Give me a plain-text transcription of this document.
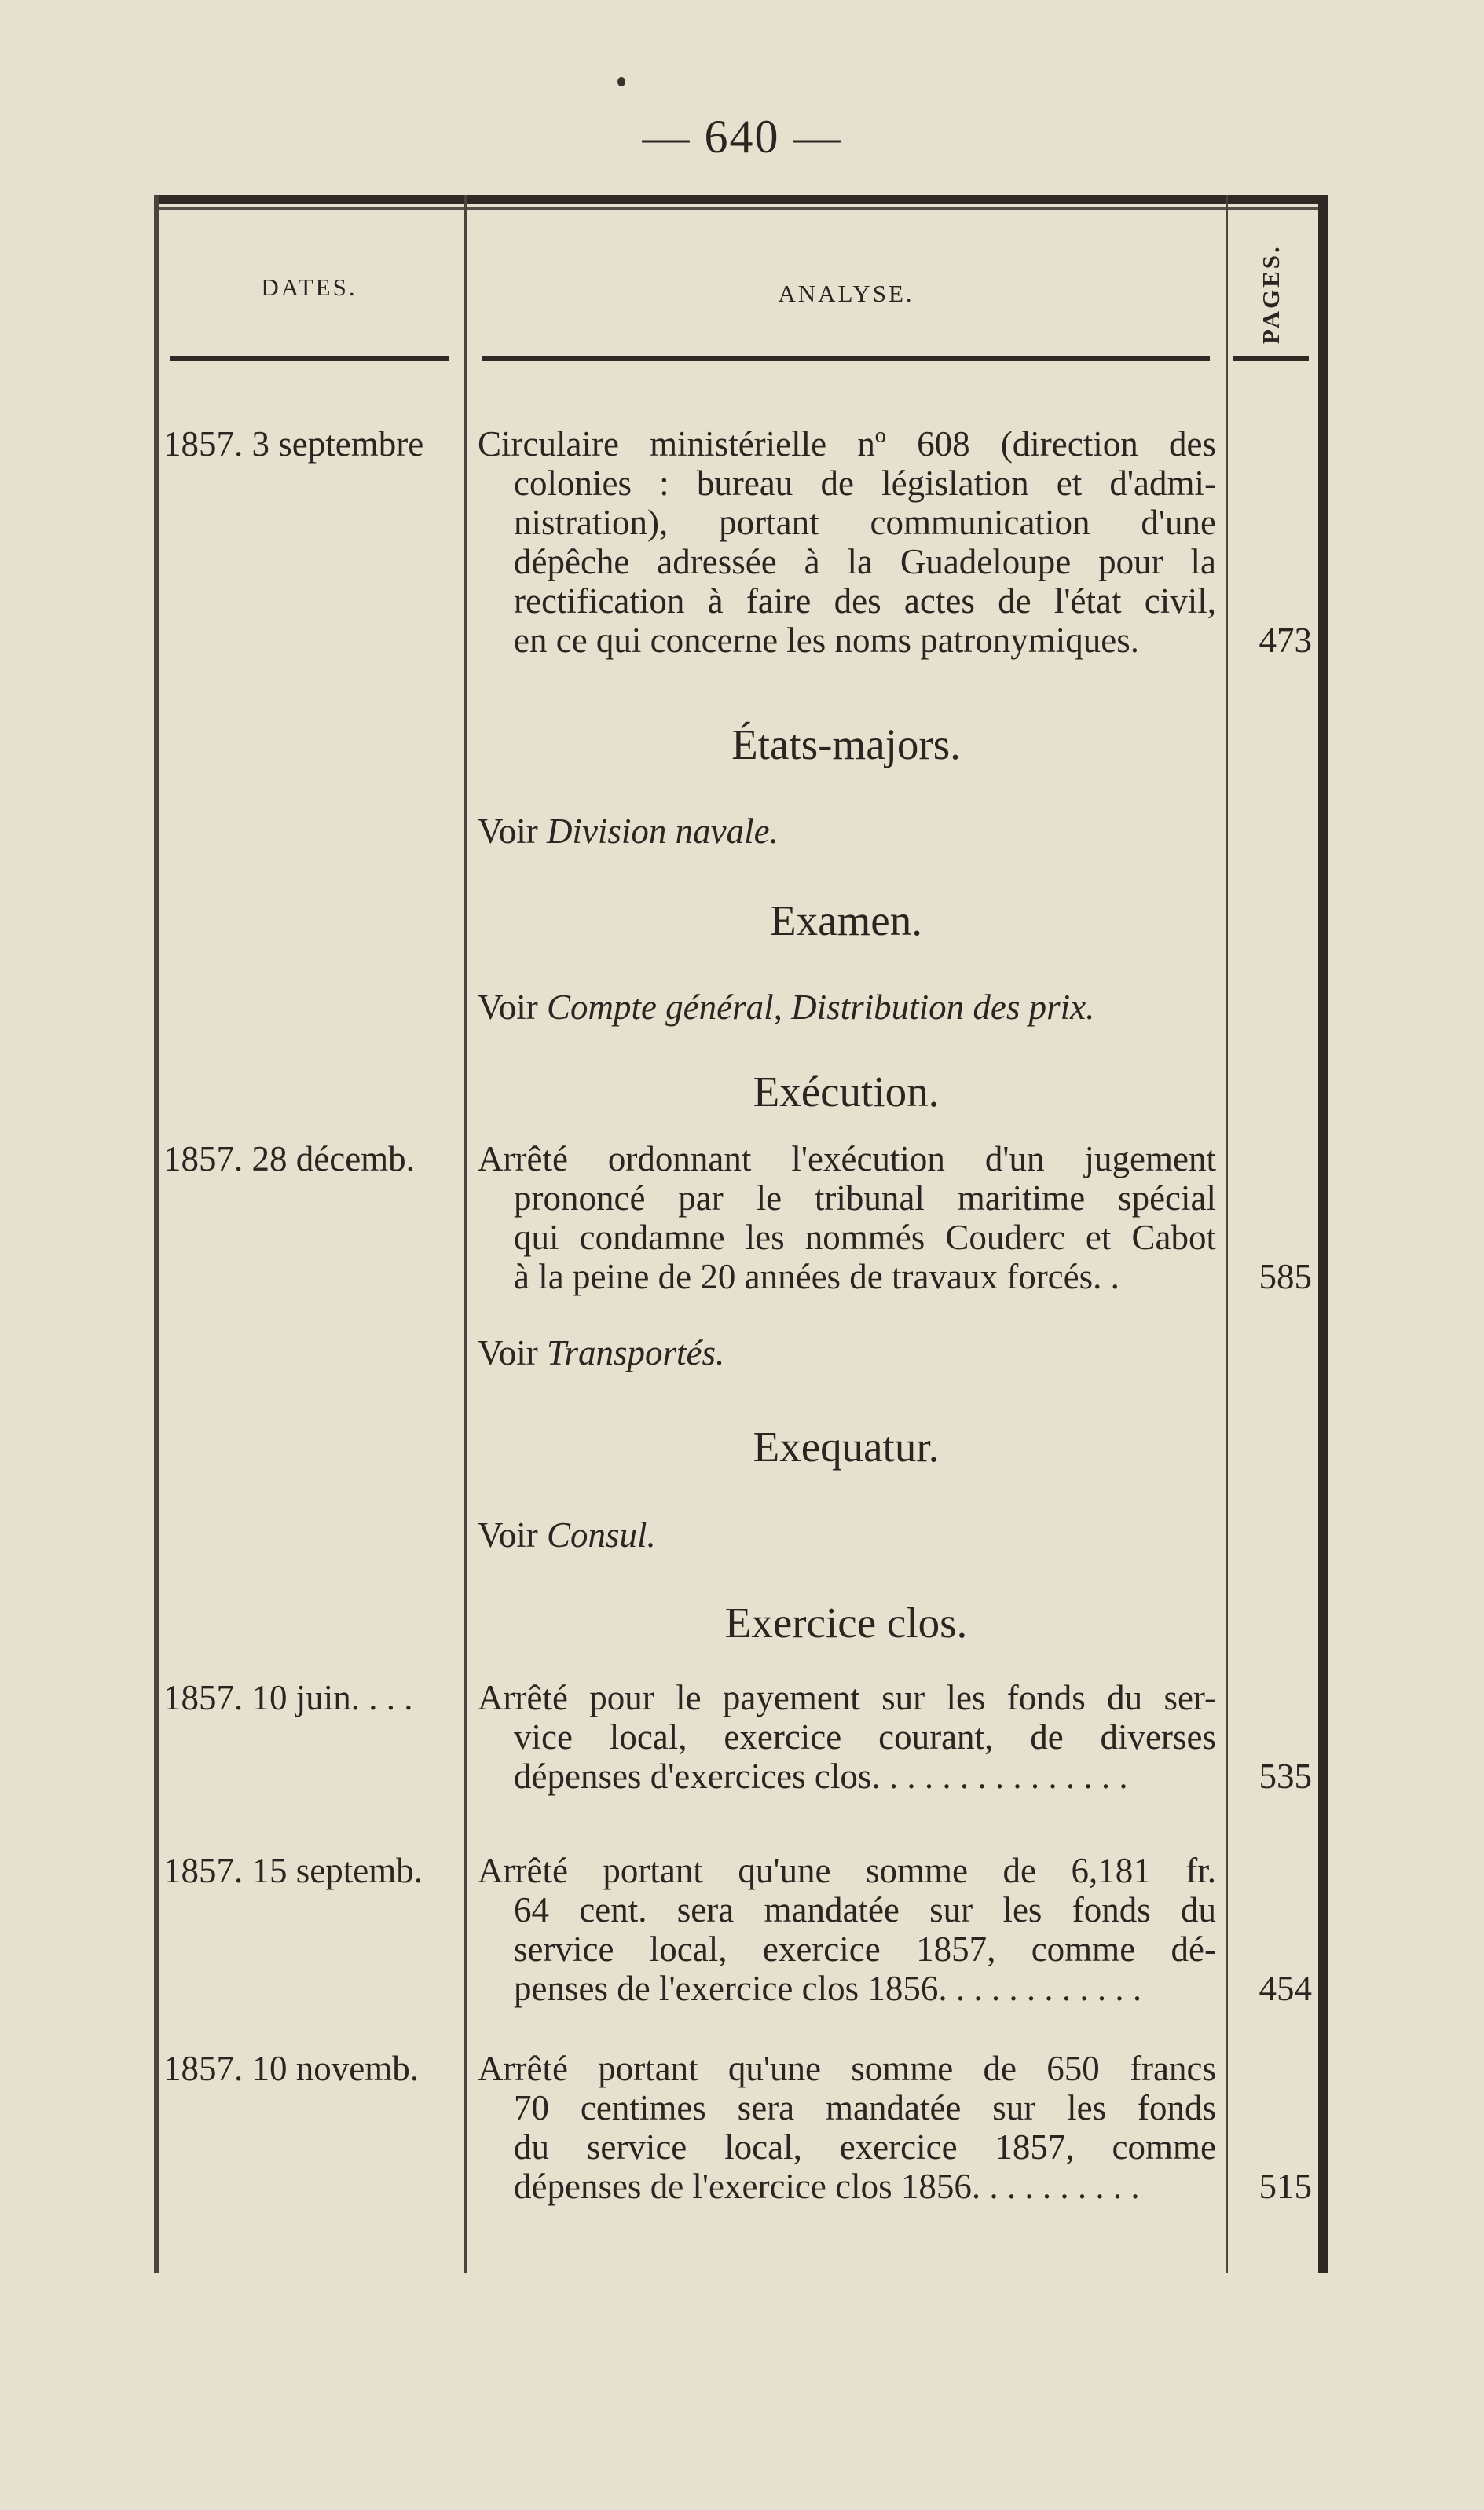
— 640 —
DATES.	ANALYSE.	PAGES.
1857. 3 septembre	Circulaire ministérielle nº 608 (direction des
colonies : bureau de législation et d'admi-
nistration), portant communication d'une
dépêche adressée à la Guadeloupe pour la
rectification à faire des actes de l'état civil,
en ce qui concerne les noms patronymiques.	473
États-majors.
Voir Division navale.
Examen.
Voir Compte général, Distribution des prix.
Exécution.
1857. 28 décemb.	Arrêté ordonnant l'exécution d'un jugement
prononcé par le tribunal maritime spécial
qui condamne les nommés Couderc et Cabot
à la peine de 20 années de travaux forcés. .	585
Voir Transportés.
Exequatur.
Voir Consul.
Exercice clos.
1857. 10 juin. . . .	Arrêté pour le payement sur les fonds du ser-
vice local, exercice courant, de diverses
dépenses d'exercices clos. . . . . . . . . . . . . . .	535
1857. 15 septemb.	Arrêté portant qu'une somme de 6,181 fr.
64 cent. sera mandatée sur les fonds du
service local, exercice 1857, comme dé-
penses de l'exercice clos 1856. . . . . . . . . . . .	454
1857. 10 novemb.	Arrêté portant qu'une somme de 650 francs
70 centimes sera mandatée sur les fonds
du service local, exercice 1857, comme
dépenses de l'exercice clos 1856. . . . . . . . . .	515
